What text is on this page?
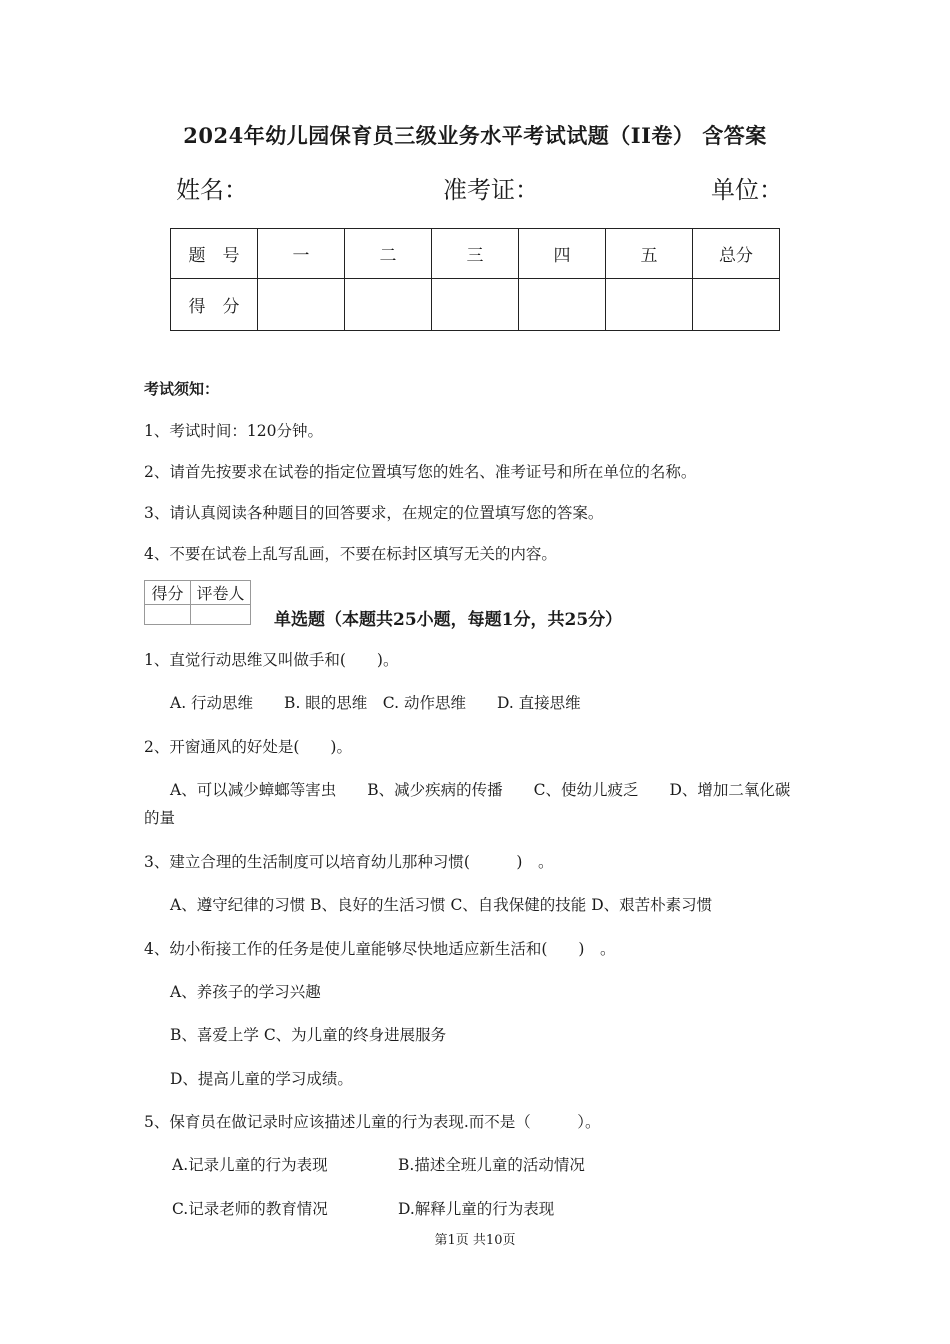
2024年幼儿园保育员三级业务水平考试试题（II卷） 含答案
姓名：	准考证：	单位：
题　号	一	二	三	四	五	总分
得　分						
考试须知：
1、考试时间：120分钟。
2、请首先按要求在试卷的指定位置填写您的姓名、准考证号和所在单位的名称。
3、请认真阅读各种题目的回答要求，在规定的位置填写您的答案。
4、不要在试卷上乱写乱画，不要在标封区填写无关的内容。
得分	评卷人

单选题（本题共25小题，每题1分，共25分）
1、直觉行动思维又叫做手和(　　)。
A. 行动思维　　B. 眼的思维　C. 动作思维　　D. 直接思维
2、开窗通风的好处是(　　)。
A、可以减少蟑螂等害虫　　B、减少疾病的传播　　C、使幼儿疲乏　　D、增加二氧化碳
的量
3、建立合理的生活制度可以培育幼儿那种习惯(　　　)　。
A、遵守纪律的习惯 B、良好的生活习惯 C、自我保健的技能 D、艰苦朴素习惯
4、幼小衔接工作的任务是使儿童能够尽快地适应新生活和(　　)　。
A、养孩子的学习兴趣
B、喜爱上学 C、为儿童的终身进展服务
D、提高儿童的学习成绩。
5、保育员在做记录时应该描述儿童的行为表现.而不是（　　　）。
A.记录儿童的行为表现	B.描述全班儿童的活动情况
C.记录老师的教育情况	D.解释儿童的行为表现
第1页 共10页
